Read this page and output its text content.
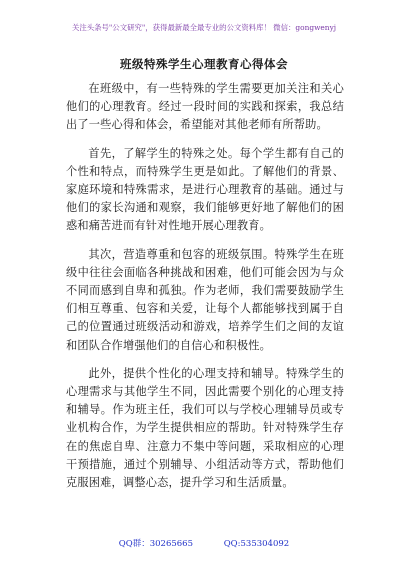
关注头条号"公文研究"，获得最新最全最专业的公文资料库！ 微信：gongwenyj
班级特殊学生心理教育心得体会

在班级中，有一些特殊的学生需要更加关注和关心他们的心理教育。经过一段时间的实践和探索，我总结出了一些心得和体会，希望能对其他老师有所帮助。

首先，了解学生的特殊之处。每个学生都有自己的个性和特点，而特殊学生更是如此。了解他们的背景、家庭环境和特殊需求，是进行心理教育的基础。通过与他们的家长沟通和观察，我们能够更好地了解他们的困惑和痛苦进而有针对性地开展心理教育。

其次，营造尊重和包容的班级氛围。特殊学生在班级中往往会面临各种挑战和困难，他们可能会因为与众不同而感到自卑和孤独。作为老师，我们需要鼓励学生们相互尊重、包容和关爱，让每个人都能够找到属于自己的位置通过班级活动和游戏，培养学生们之间的友谊和团队合作增强他们的自信心和积极性。

此外，提供个性化的心理支持和辅导。特殊学生的心理需求与其他学生不同，因此需要个别化的心理支持和辅导。作为班主任，我们可以与学校心理辅导员或专业机构合作，为学生提供相应的帮助。针对特殊学生存在的焦虑自卑、注意力不集中等问题，采取相应的心理干预措施，通过个别辅导、小组活动等方式，帮助他们克服困难，调整心态，提升学习和生活质量。

QQ群：30265665	QQ:535304092
